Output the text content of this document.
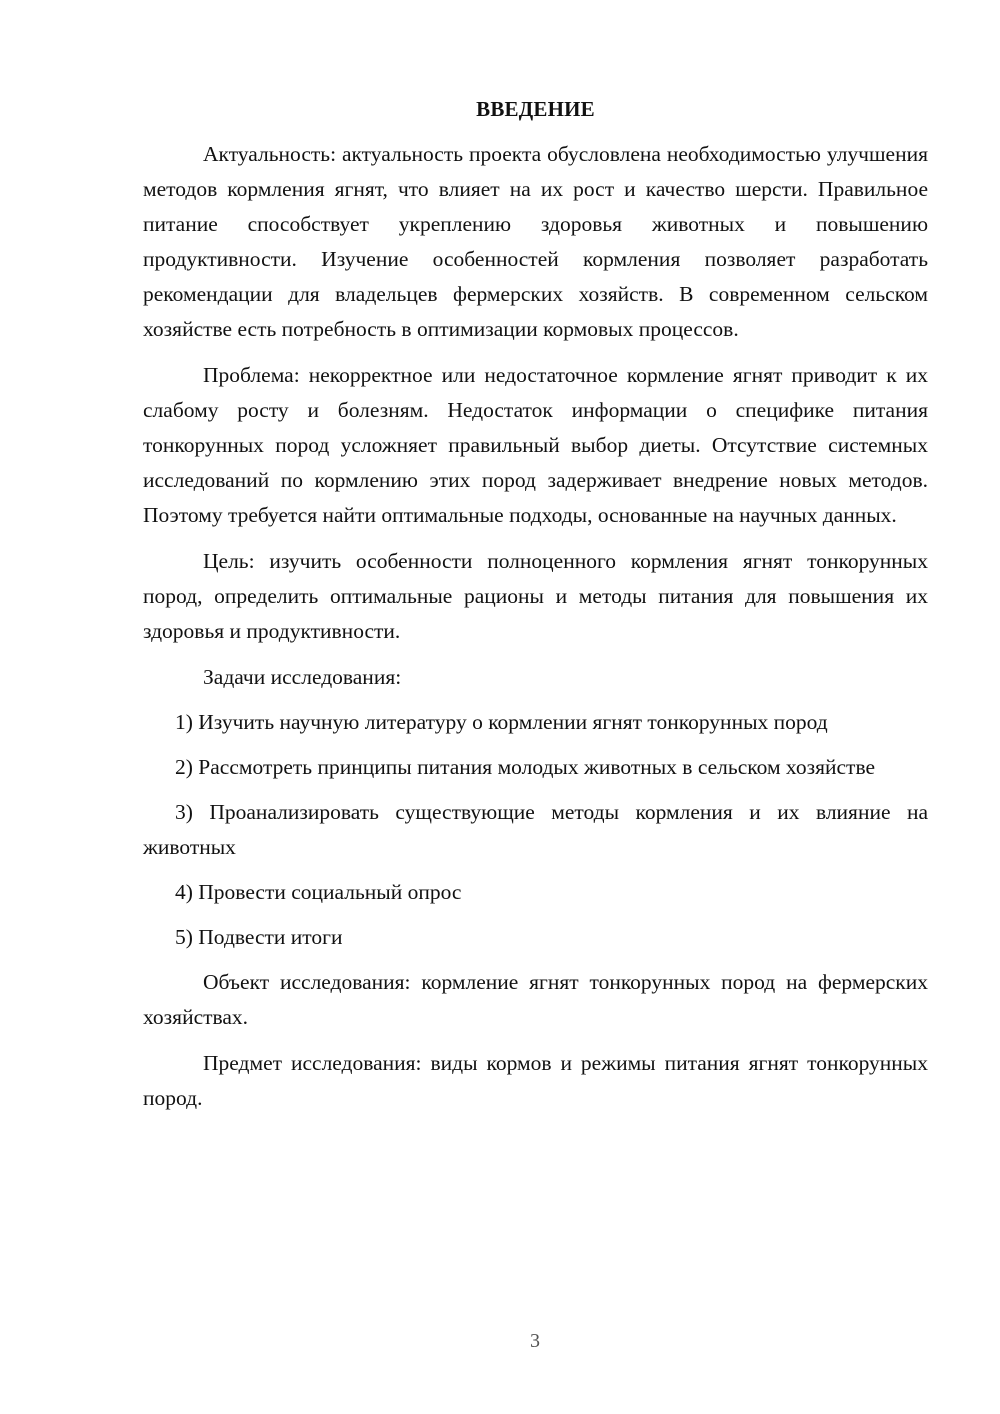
ВВЕДЕНИЕ

Актуальность: актуальность проекта обусловлена необходимостью улучшения методов кормления ягнят, что влияет на их рост и качество шерсти. Правильное питание способствует укреплению здоровья животных и повышению продуктивности. Изучение особенностей кормления позволяет разработать рекомендации для владельцев фермерских хозяйств. В современном сельском хозяйстве есть потребность в оптимизации кормовых процессов.

Проблема: некорректное или недостаточное кормление ягнят приводит к их слабому росту и болезням. Недостаток информации о специфике питания тонкорунных пород усложняет правильный выбор диеты. Отсутствие системных исследований по кормлению этих пород задерживает внедрение новых методов. Поэтому требуется найти оптимальные подходы, основанные на научных данных.

Цель: изучить особенности полноценного кормления ягнят тонкорунных пород, определить оптимальные рационы и методы питания для повышения их здоровья и продуктивности.

Задачи исследования:

1) Изучить научную литературу о кормлении ягнят тонкорунных пород

2) Рассмотреть принципы питания молодых животных в сельском хозяйстве

3) Проанализировать существующие методы кормления и их влияние на животных

4) Провести социальный опрос

5) Подвести итоги

Объект исследования: кормление ягнят тонкорунных пород на фермерских хозяйствах.

Предмет исследования: виды кормов и режимы питания ягнят тонкорунных пород.

3
